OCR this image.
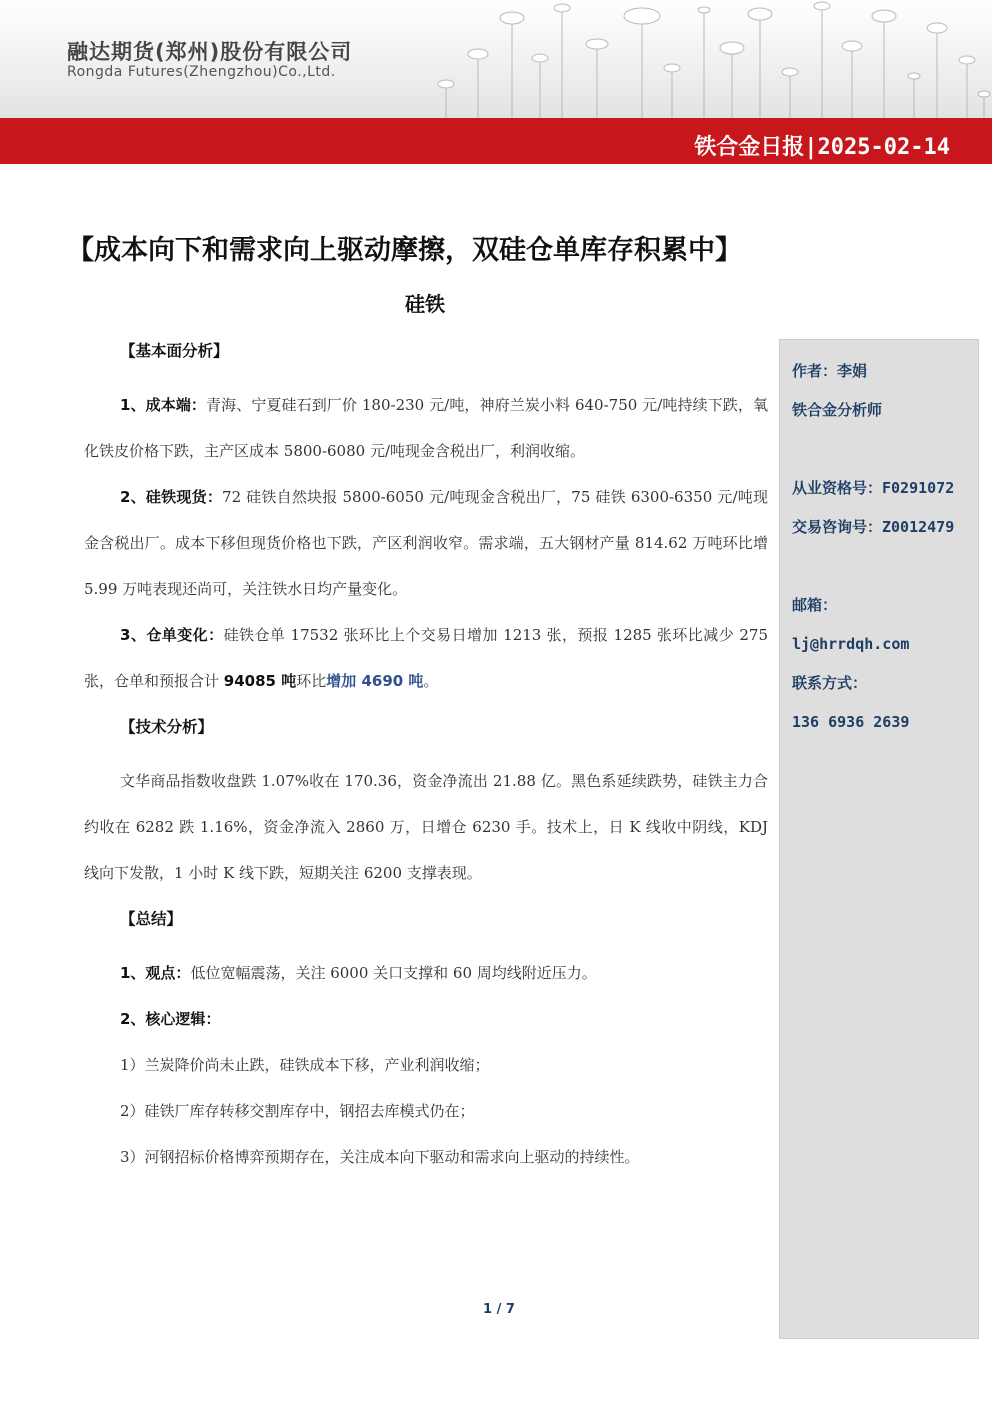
融达期货(郑州)股份有限公司
Rongda Futures(Zhengzhou)Co.,Ltd.
铁合金日报|2025-02-14
【成本向下和需求向上驱动摩擦，双硅仓单库存积累中】
硅铁
【基本面分析】

1、成本端：青海、宁夏硅石到厂价 180-230 元/吨，神府兰炭小料 640-750 元/吨持续下跌，氧化铁皮价格下跌，主产区成本 5800-6080 元/吨现金含税出厂，利润收缩。

2、硅铁现货：72 硅铁自然块报 5800-6050 元/吨现金含税出厂，75 硅铁 6300-6350 元/吨现金含税出厂。成本下移但现货价格也下跌，产区利润收窄。需求端，五大钢材产量 814.62 万吨环比增 5.99 万吨表现还尚可，关注铁水日均产量变化。

3、仓单变化：硅铁仓单 17532 张环比上个交易日增加 1213 张，预报 1285 张环比减少 275 张，仓单和预报合计 94085 吨环比增加 4690 吨。

【技术分析】

文华商品指数收盘跌 1.07%收在 170.36，资金净流出 21.88 亿。黑色系延续跌势，硅铁主力合约收在 6282 跌 1.16%，资金净流入 2860 万，日增仓 6230 手。技术上，日 K 线收中阴线，KDJ 线向下发散，1 小时 K 线下跌，短期关注 6200 支撑表现。

【总结】
1、观点：低位宽幅震荡，关注 6000 关口支撑和 60 周均线附近压力。
2、核心逻辑：
1）兰炭降价尚未止跌，硅铁成本下移，产业利润收缩；
2）硅铁厂库存转移交割库存中，钢招去库模式仍在；
3）河钢招标价格博弈预期存在，关注成本向下驱动和需求向上驱动的持续性。
作者：李娟
铁合金分析师
从业资格号：F0291072
交易咨询号：Z0012479
邮箱：
lj@hrrdqh.com
联系方式：
136 6936 2639
1 / 7
